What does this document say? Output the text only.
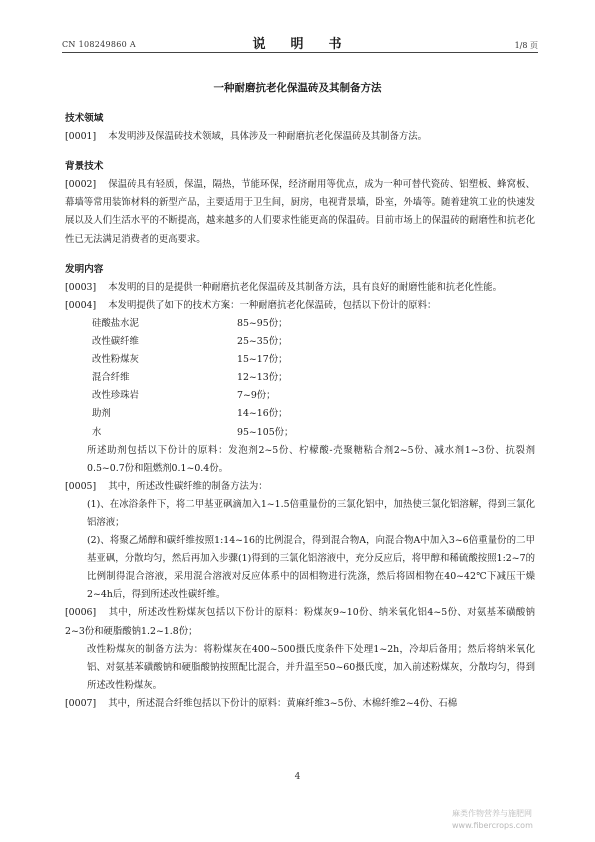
CN 108249860 A	说　明　书	1/8 页
一种耐磨抗老化保温砖及其制备方法
技术领域
[0001] 本发明涉及保温砖技术领域，具体涉及一种耐磨抗老化保温砖及其制备方法。
背景技术
[0002] 保温砖具有轻质，保温，隔热，节能环保，经济耐用等优点，成为一种可替代瓷砖、铝塑板、蜂窝板、幕墙等常用装饰材料的新型产品，主要适用于卫生间，厨房，电视背景墙，卧室，外墙等。随着建筑工业的快速发展以及人们生活水平的不断提高，越来越多的人们要求性能更高的保温砖。目前市场上的保温砖的耐磨性和抗老化性已无法满足消费者的更高要求。
发明内容
[0003] 本发明的目的是提供一种耐磨抗老化保温砖及其制备方法，具有良好的耐磨性能和抗老化性能。
[0004] 本发明提供了如下的技术方案：一种耐磨抗老化保温砖，包括以下份计的原料：
硅酸盐水泥	85~95份；
改性碳纤维	25~35份；
改性粉煤灰	15~17份；
混合纤维	12~13份；
改性珍珠岩	7~9份；
助剂	14~16份；
水	95~105份；
所述助剂包括以下份计的原料：发泡剂2~5份、柠檬酸-壳聚糖粘合剂2~5份、减水剂1~3份、抗裂剂0.5~0.7份和阻燃剂0.1~0.4份。
[0005] 其中，所述改性碳纤维的制备方法为：
(1)、在冰浴条件下，将二甲基亚砜滴加入1~1.5倍重量份的三氯化铝中，加热使三氯化铝溶解，得到三氯化铝溶液；
(2)、将聚乙烯醇和碳纤维按照1:14~16的比例混合，得到混合物A，向混合物A中加入3~6倍重量份的二甲基亚砜，分散均匀，然后再加入步骤(1)得到的三氯化铝溶液中，充分反应后，将甲醇和稀硫酸按照1:2~7的比例制得混合溶液，采用混合溶液对反应体系中的固相物进行洗涤，然后将固相物在40~42℃下减压干燥2~4h后，得到所述改性碳纤维。
[0006] 其中，所述改性粉煤灰包括以下份计的原料：粉煤灰9~10份、纳米氧化铝4~5份、对氨基苯磺酸钠2~3份和硬脂酸钠1.2~1.8份；
改性粉煤灰的制备方法为：将粉煤灰在400~500摄氏度条件下处理1~2h，冷却后备用；然后将纳米氧化铝、对氨基苯磺酸钠和硬脂酸钠按照配比混合，并升温至50~60摄氏度，加入前述粉煤灰，分散均匀，得到所述改性粉煤灰。
[0007] 其中，所述混合纤维包括以下份计的原料：黄麻纤维3~5份、木棉纤维2~4份、石棉
4
麻类作物营养与施肥网
www.fibercrops.com
